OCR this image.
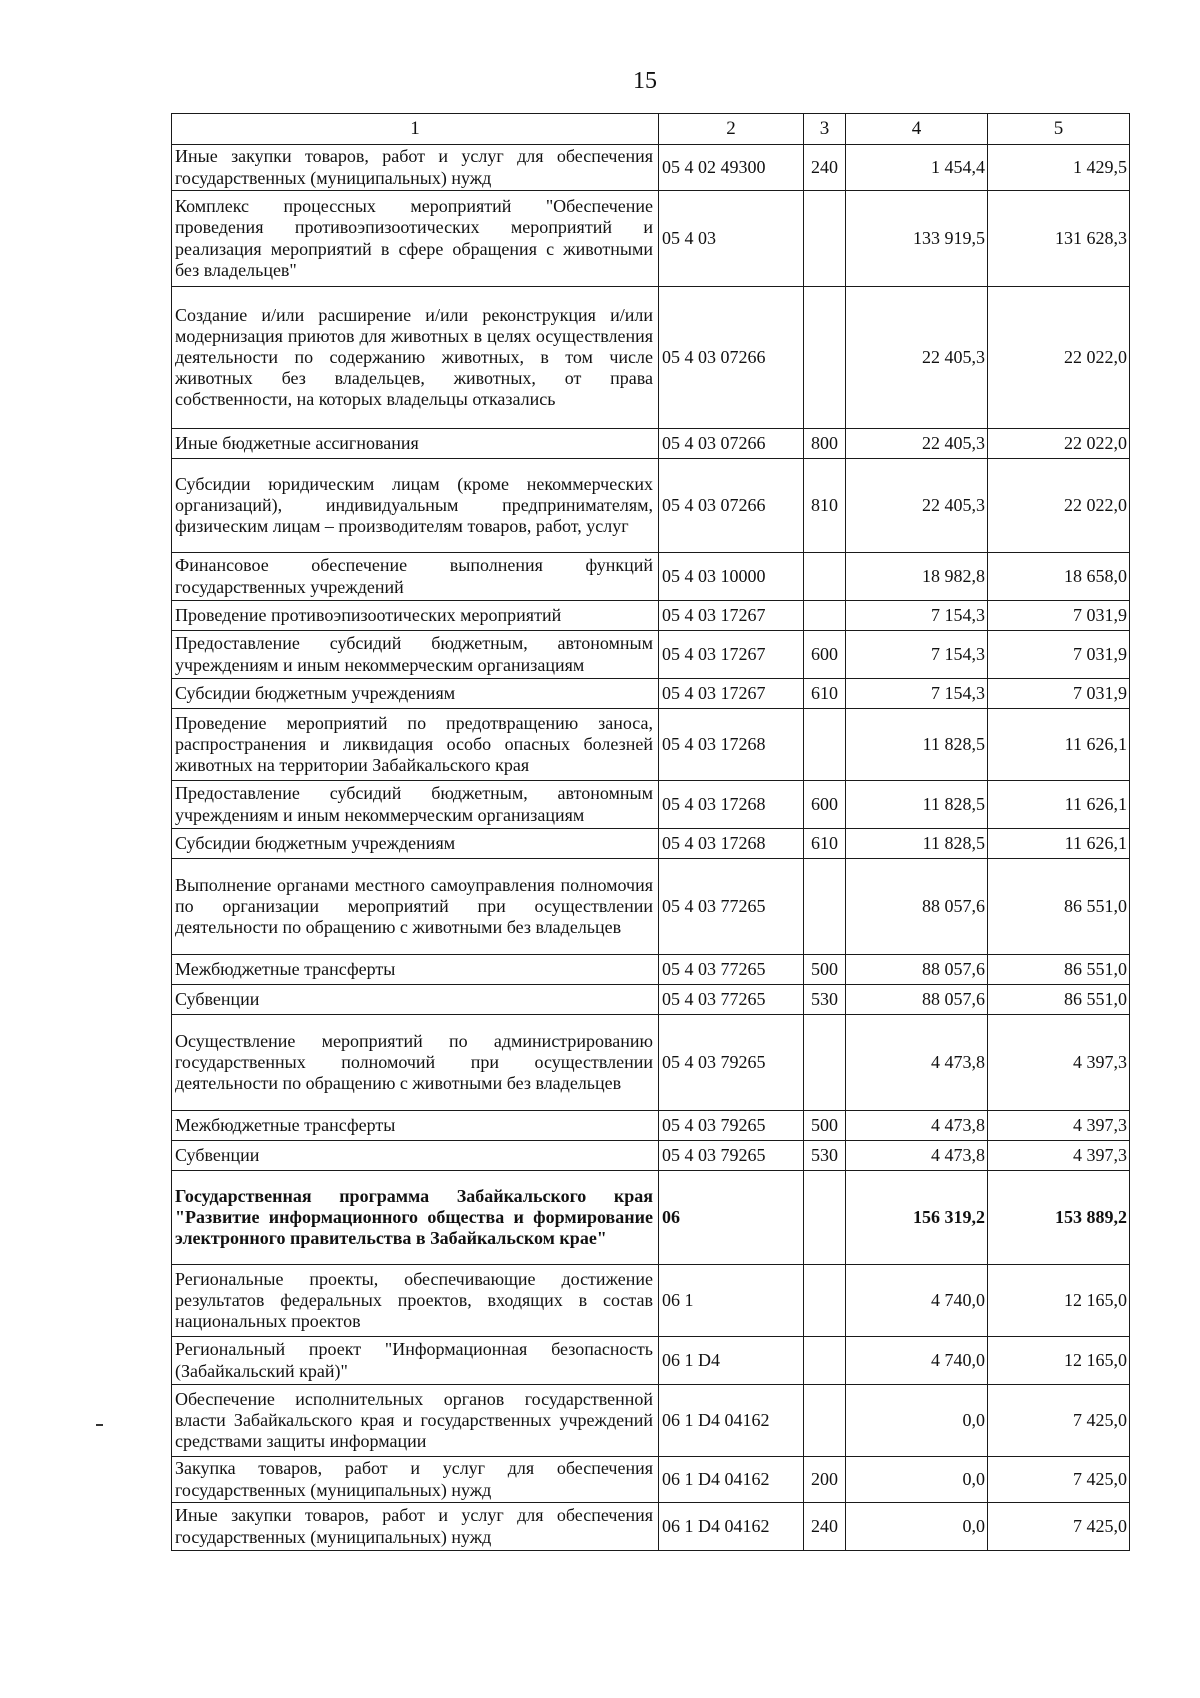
15
1	2	3	4	5
Иные закупки товаров, работ и услуг для обеспечения государственных (муниципальных) нужд	05 4 02 49300	240	1 454,4	1 429,5
Комплекс процессных мероприятий "Обеспечение проведения противоэпизоотических мероприятий и реализация мероприятий в сфере обращения с животными без владельцев"	05 4 03		133 919,5	131 628,3
Создание и/или расширение и/или реконструкция и/или модернизация приютов для животных в целях осуществления деятельности по содержанию животных, в том числе животных без владельцев, животных, от права собственности, на которых владельцы отказались	05 4 03 07266		22 405,3	22 022,0
Иные бюджетные ассигнования	05 4 03 07266	800	22 405,3	22 022,0
Субсидии юридическим лицам (кроме некоммерческих организаций), индивидуальным предпринимателям, физическим лицам – производителям товаров, работ, услуг	05 4 03 07266	810	22 405,3	22 022,0
Финансовое обеспечение выполнения функций государственных учреждений	05 4 03 10000		18 982,8	18 658,0
Проведение противоэпизоотических мероприятий	05 4 03 17267		7 154,3	7 031,9
Предоставление субсидий бюджетным, автономным учреждениям и иным некоммерческим организациям	05 4 03 17267	600	7 154,3	7 031,9
Субсидии бюджетным учреждениям	05 4 03 17267	610	7 154,3	7 031,9
Проведение мероприятий по предотвращению заноса, распространения и ликвидация особо опасных болезней животных на территории Забайкальского края	05 4 03 17268		11 828,5	11 626,1
Предоставление субсидий бюджетным, автономным учреждениям и иным некоммерческим организациям	05 4 03 17268	600	11 828,5	11 626,1
Субсидии бюджетным учреждениям	05 4 03 17268	610	11 828,5	11 626,1
Выполнение органами местного самоуправления полномочия по организации мероприятий при осуществлении деятельности по обращению с животными без владельцев	05 4 03 77265		88 057,6	86 551,0
Межбюджетные трансферты	05 4 03 77265	500	88 057,6	86 551,0
Субвенции	05 4 03 77265	530	88 057,6	86 551,0
Осуществление мероприятий по администрированию государственных полномочий при осуществлении деятельности по обращению с животными без владельцев	05 4 03 79265		4 473,8	4 397,3
Межбюджетные трансферты	05 4 03 79265	500	4 473,8	4 397,3
Субвенции	05 4 03 79265	530	4 473,8	4 397,3
Государственная программа Забайкальского края "Развитие информационного общества и формирование электронного правительства в Забайкальском крае"	06		156 319,2	153 889,2
Региональные проекты, обеспечивающие достижение результатов федеральных проектов, входящих в состав национальных проектов	06 1		4 740,0	12 165,0
Региональный проект "Информационная безопасность (Забайкальский край)"	06 1 D4		4 740,0	12 165,0
Обеспечение исполнительных органов государственной власти Забайкальского края и государственных учреждений средствами защиты информации	06 1 D4 04162		0,0	7 425,0
Закупка товаров, работ и услуг для обеспечения государственных (муниципальных) нужд	06 1 D4 04162	200	0,0	7 425,0
Иные закупки товаров, работ и услуг для обеспечения государственных (муниципальных) нужд	06 1 D4 04162	240	0,0	7 425,0
